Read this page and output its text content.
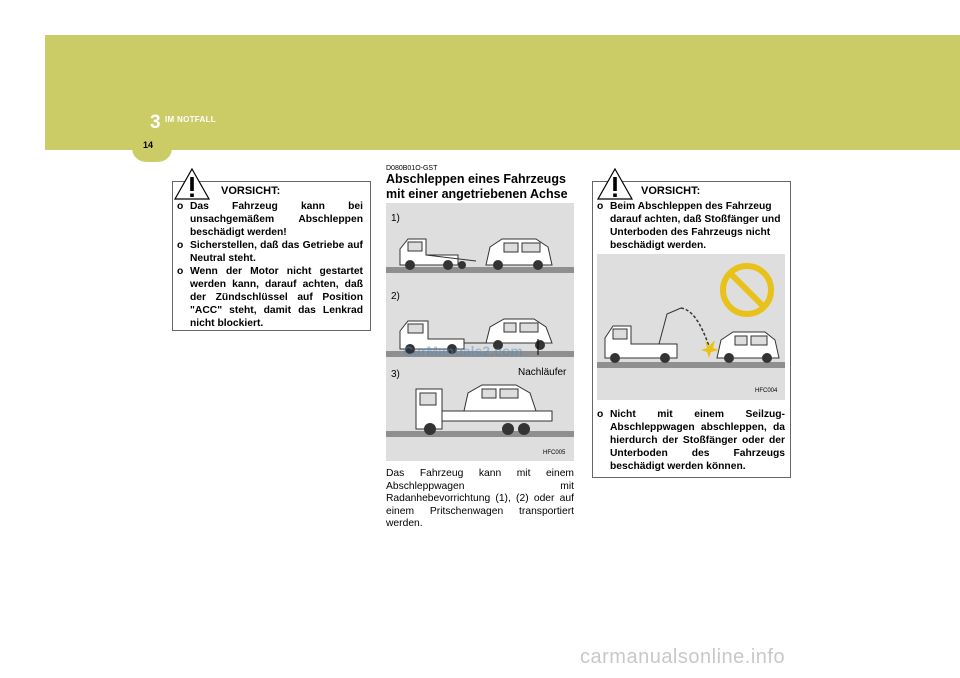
3 IM NOTFALL
14
VORSICHT:
o Das Fahrzeug kann bei unsachgemäßem Abschleppen beschädigt werden!
o Sicherstellen, daß das Getriebe auf Neutral steht.
o Wenn der Motor nicht gestartet werden kann, darauf achten, daß der Zündschlüssel auf Position "ACC" steht, damit das Lenkrad nicht blockiert.
D080B01O-GST
Abschleppen eines Fahrzeugs mit einer angetriebenen Achse
1)
2)
3)	Nachläufer
HFC005
CarManuals2.com
Das Fahrzeug kann mit einem Abschleppwagen mit Radanhebevorrichtung (1), (2) oder auf einem Pritschenwagen transportiert werden.
VORSICHT:
o Beim Abschleppen des Fahrzeug darauf achten, daß Stoßfänger und Unterboden des Fahrzeugs nicht beschädigt werden.
HFC004
o Nicht mit einem Seilzug-Abschleppwagen abschleppen, da hierdurch der Stoßfänger oder der Unterboden des Fahrzeugs beschädigt werden können.
carmanualsonline.info
